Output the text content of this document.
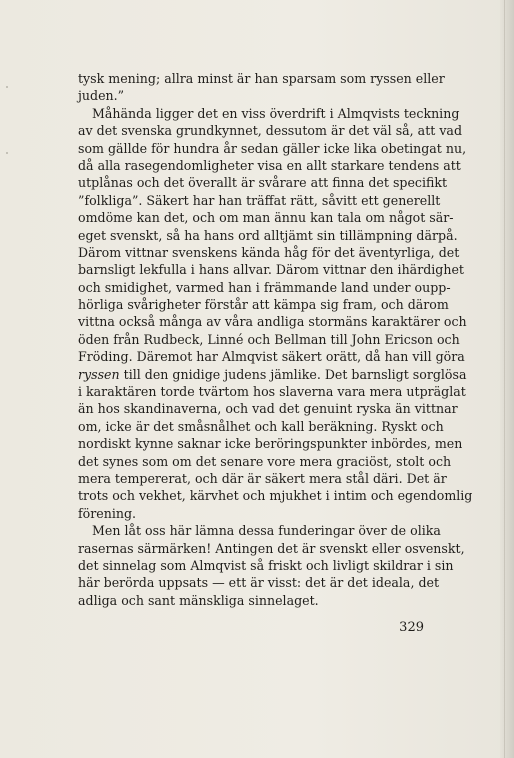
tysk mening; allra minst är han sparsam som ryssen eller
juden.”
Måhända ligger det en viss överdrift i Almqvists teckning
av det svenska grundkynnet, dessutom är det väl så, att vad
som gällde för hundra år sedan gäller icke lika obetingat nu,
då alla rasegendomligheter visa en allt starkare tendens att
utplånas och det överallt är svårare att finna det specifikt
”folkliga”. Säkert har han träffat rätt, såvitt ett generellt
omdöme kan det, och om man ännu kan tala om något sär-
eget svenskt, så ha hans ord alltjämt sin tillämpning därpå.
Därom vittnar svenskens kända håg för det äventyrliga, det
barnsligt lekfulla i hans allvar. Därom vittnar den ihärdighet
och smidighet, varmed han i främmande land under oupp-
hörliga svårigheter förstår att kämpa sig fram, och därom
vittna också många av våra andliga stormäns karaktärer och
öden från Rudbeck, Linné och Bellman till John Ericson och
Fröding. Däremot har Almqvist säkert orätt, då han vill göra
ryssen till den gnidige judens jämlike. Det barnsligt sorglösa
i karaktären torde tvärtom hos slaverna vara mera utpräglat
än hos skandinaverna, och vad det genuint ryska än vittnar
om, icke är det småsnålhet och kall beräkning. Ryskt och
nordiskt kynne saknar icke beröringspunkter inbördes, men
det synes som om det senare vore mera graciöst, stolt och
mera tempererat, och där är säkert mera stål däri. Det är
trots och vekhet, kärvhet och mjukhet i intim och egendomlig
förening.
Men låt oss här lämna dessa funderingar över de olika
rasernas särmärken! Antingen det är svenskt eller osvenskt,
det sinnelag som Almqvist så friskt och livligt skildrar i sin
här berörda uppsats — ett är visst: det är det ideala, det
adliga och sant mänskliga sinnelaget.
329
